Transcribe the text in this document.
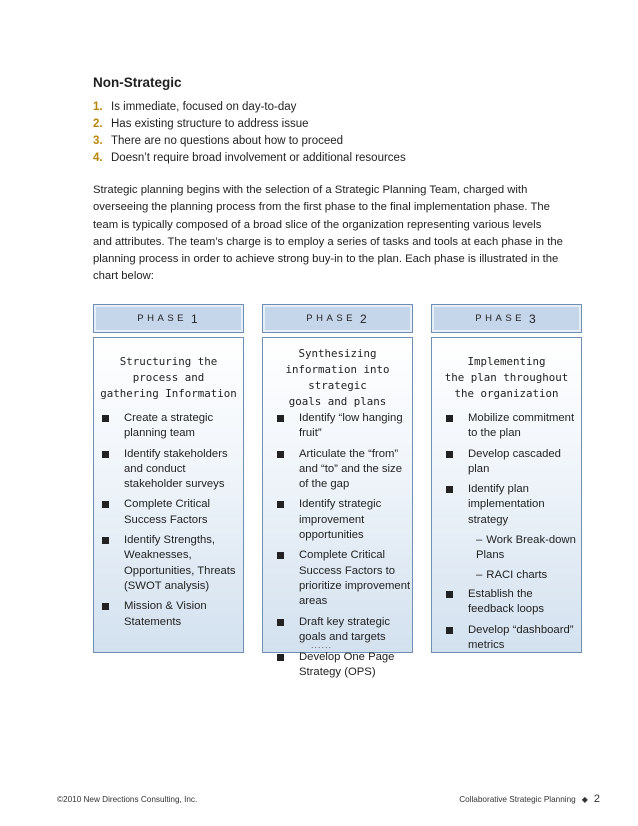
Non-Strategic
1. Is immediate, focused on day-to-day
2. Has existing structure to address issue
3. There are no questions about how to proceed
4. Doesn’t require broad involvement or additional resources

Strategic planning begins with the selection of a Strategic Planning Team, charged with overseeing the planning process from the first phase to the final implementation phase. The team is typically composed of a broad slice of the organization representing various levels and attributes. The team’s charge is to employ a series of tasks and tools at each phase in the planning process in order to achieve strong buy-in to the plan. Each phase is illustrated in the chart below:

PHASE 1	PHASE 2	PHASE 3
Structuring the
process and
gathering Information
Create a strategic planning team
Identify stakeholders and conduct stakeholder surveys
Complete Critical Success Factors
Identify Strengths, Weaknesses, Opportunities, Threats (SWOT analysis)
Mission & Vision Statements
Synthesizing
information into
strategic
goals and plans
Identify “low hanging fruit”
Articulate the “from” and “to” and the size of the gap
Identify strategic improvement opportunities
Complete Critical Success Factors to prioritize improvement areas
Draft key strategic goals and targets
Develop One Page Strategy (OPS)
......
Implementing
the plan throughout
the organization
Mobilize commitment to the plan
Develop cascaded plan
Identify plan implementation strategy
– Work Break-down Plans
– RACI charts
Establish the feedback loops
Develop “dashboard” metrics
©2010 New Directions Consulting, Inc.	Collaborative Strategic Planning ◆ 2
